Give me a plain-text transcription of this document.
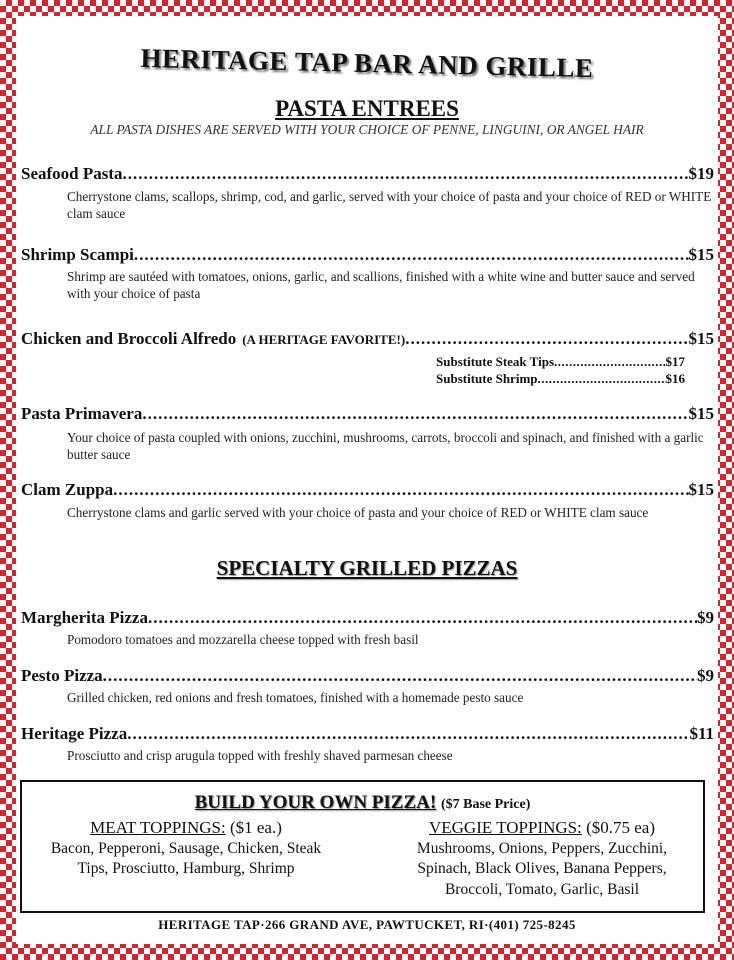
HERITAGE TAP BAR AND GRILLE
PASTA ENTREES
ALL PASTA DISHES ARE SERVED WITH YOUR CHOICE OF PENNE, LINGUINI, OR ANGEL HAIR
Seafood Pasta .....	$19
Cherrystone clams, scallops, shrimp, cod, and garlic, served with your choice of pasta and your choice of RED or WHITE clam sauce
Shrimp Scampi .....	$15
Shrimp are sautéed with tomatoes, onions, garlic, and scallions, finished with a white wine and butter sauce and served with your choice of pasta
Chicken and Broccoli Alfredo (A HERITAGE FAVORITE!) .....	$15
Substitute Steak Tips .....	$17
Substitute Shrimp .....	$16
Pasta Primavera .....	$15
Your choice of pasta coupled with onions, zucchini, mushrooms, carrots, broccoli and spinach, and finished with a garlic butter sauce
Clam Zuppa .....	$15
Cherrystone clams and garlic served with your choice of pasta and your choice of RED or WHITE clam sauce
SPECIALTY GRILLED PIZZAS
Margherita Pizza .....	$9
Pomodoro tomatoes and mozzarella cheese topped with fresh basil
Pesto Pizza .....	$9
Grilled chicken, red onions and fresh tomatoes, finished with a homemade pesto sauce
Heritage Pizza .....	$11
Prosciutto and crisp arugula topped with freshly shaved parmesan cheese
BUILD YOUR OWN PIZZA! ($7 Base Price)
MEAT TOPPINGS: ($1 ea.)
Bacon, Pepperoni, Sausage, Chicken, Steak Tips, Prosciutto, Hamburg, Shrimp
VEGGIE TOPPINGS: ($0.75 ea)
Mushrooms, Onions, Peppers, Zucchini, Spinach, Black Olives, Banana Peppers, Broccoli, Tomato, Garlic, Basil
HERITAGE TAP·266 GRAND AVE, PAWTUCKET, RI·(401) 725-8245
